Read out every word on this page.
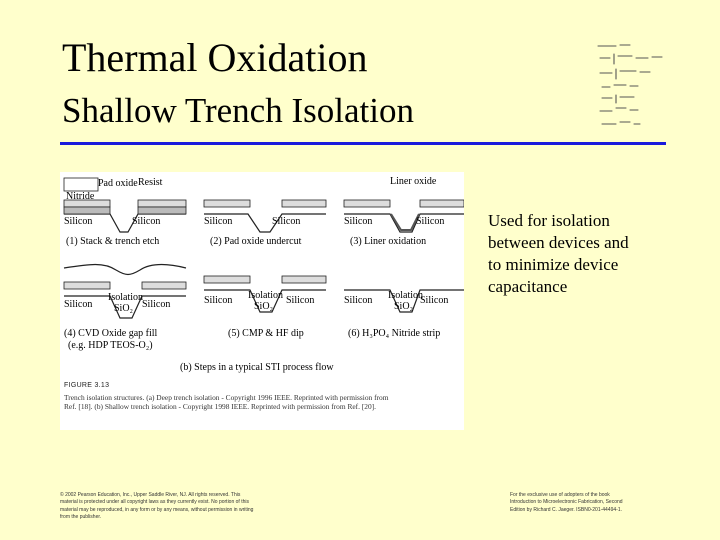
Thermal Oxidation
Shallow Trench Isolation
Pad oxide Resist
Nitride
Silicon	Silicon
(1) Stack & trench etch
Silicon	Silicon
(2) Pad oxide undercut
Liner oxide
Silicon	Silicon
(3) Liner oxidation
Isolation
Silicon SiO₂ Silicon
(4) CVD Oxide gap fill
(e.g. HDP TEOS-O₂)
Isolation
Silicon
SiO₂
Silicon
(5) CMP & HF dip
Isolation
Silicon
SiO₂
Silicon
(6) H₃PO₄ Nitride strip
(b) Steps in a typical STI process flow
FIGURE 3.13
Trench isolation structures. (a) Deep trench isolation - Copyright 1996 IEEE. Reprinted with permission from
Ref. [18]. (b) Shallow trench isolation - Copyright 1998 IEEE. Reprinted with permission from Ref. [20].
Used for isolation
between devices and
to minimize device
capacitance
© 2002 Pearson Education, Inc., Upper Saddle River, NJ. All rights reserved. This
material is protected under all copyright laws as they currently exist. No portion of this
material may be reproduced, in any form or by any means, without permission in writing
from the publisher.
For the exclusive use of adopters of the book
Introduction to Microelectronic Fabrication, Second
Edition by Richard C. Jaeger. ISBN0-201-44494-1.
